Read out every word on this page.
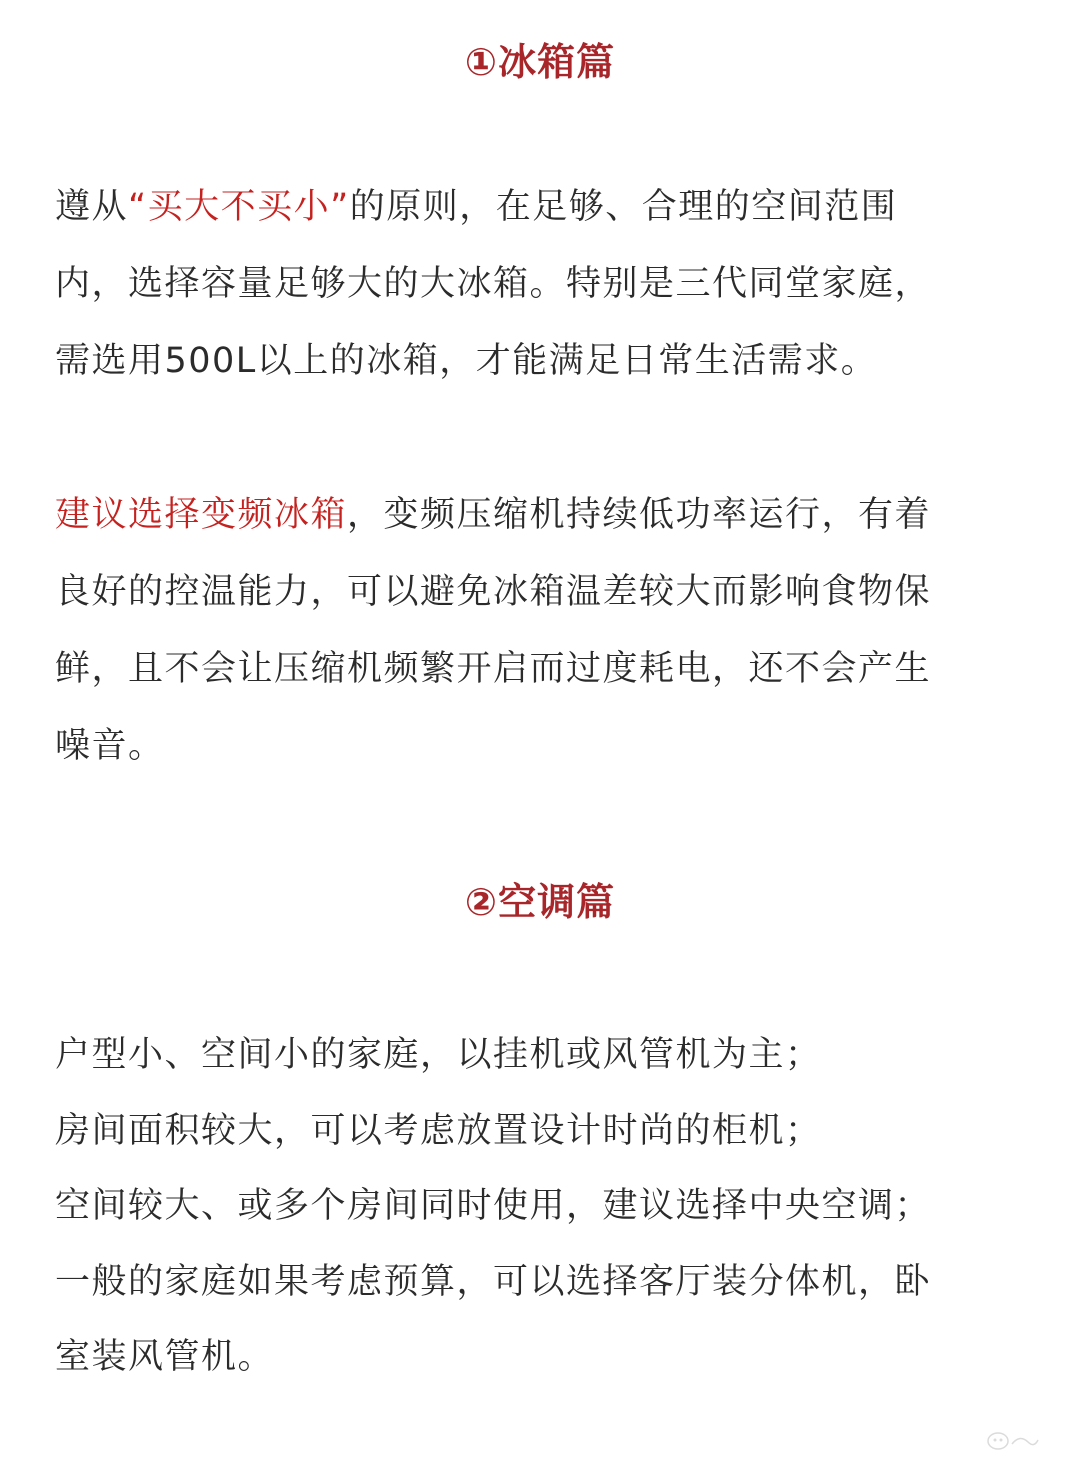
①冰箱篇
遵从“买大不买小”的原则，在足够、合理的空间范围
内，选择容量足够大的大冰箱。特别是三代同堂家庭，
需选用500L以上的冰箱，才能满足日常生活需求。
建议选择变频冰箱，变频压缩机持续低功率运行，有着
良好的控温能力，可以避免冰箱温差较大而影响食物保
鲜，且不会让压缩机频繁开启而过度耗电，还不会产生
噪音。
②空调篇
户型小、空间小的家庭，以挂机或风管机为主；
房间面积较大，可以考虑放置设计时尚的柜机；
空间较大、或多个房间同时使用，建议选择中央空调；
一般的家庭如果考虑预算，可以选择客厅装分体机，卧
室装风管机。
